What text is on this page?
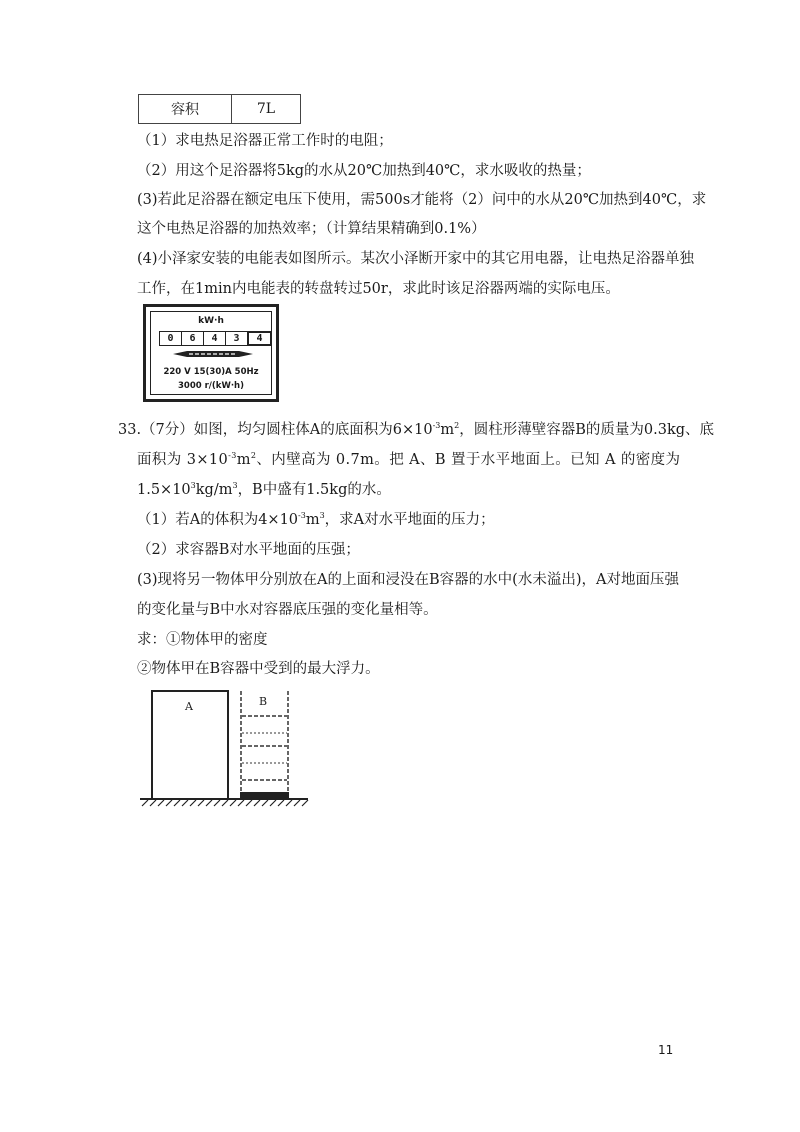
容积	7L
（1）求电热足浴器正常工作时的电阻；
（2）用这个足浴器将5kg的水从20℃加热到40℃，求水吸收的热量；
(3)若此足浴器在额定电压下使用，需500s才能将（2）问中的水从20℃加热到40℃，求
这个电热足浴器的加热效率；（计算结果精确到0.1%）
(4)小泽家安装的电能表如图所示。某次小泽断开家中的其它用电器，让电热足浴器单独
工作，在1min内电能表的转盘转过50r，求此时该足浴器两端的实际电压。
kW·h
0	6	4	3	4
220 V 15(30)A 50Hz
3000 r/(kW·h)
33.（7分）如图，均匀圆柱体A的底面积为$6\times 10^{-3}m^2$，圆柱形薄壁容器B的质量为0.3kg、底
面积为 $3\times 10^{-3}m^2$、内壁高为 0.7m。把 A、B 置于水平地面上。已知 A 的密度为
$1.5\times 10^3kg/m^3$，B中盛有1.5kg的水。
（1）若A的体积为$4\times 10^{-3}m^3$，求A对水平地面的压力；
（2）求容器B对水平地面的压强；
(3)现将另一物体甲分别放在A的上面和浸没在B容器的水中(水未溢出)，A对地面压强
的变化量与B中水对容器底压强的变化量相等。
求：①物体甲的密度
②物体甲在B容器中受到的最大浮力。
A	B
11
